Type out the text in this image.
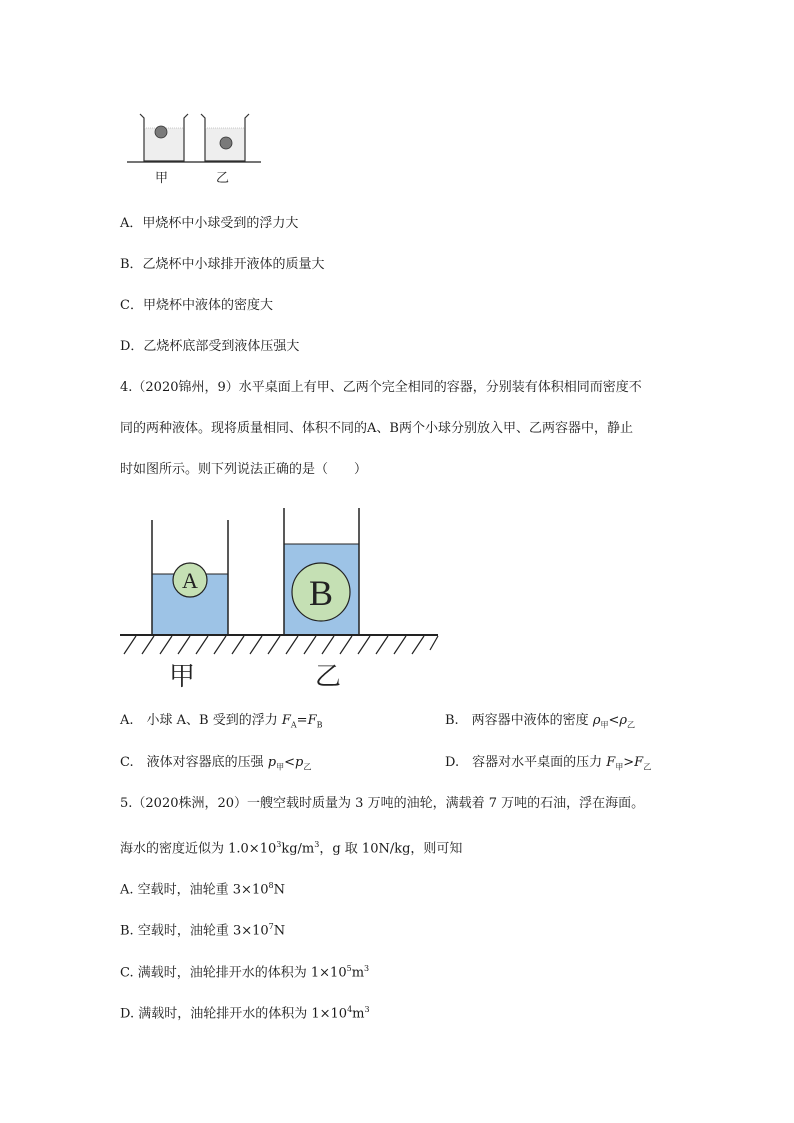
甲	乙
A．甲烧杯中小球受到的浮力大
B．乙烧杯中小球排开液体的质量大
C．甲烧杯中液体的密度大
D．乙烧杯底部受到液体压强大
4.（2020锦州，9）水平桌面上有甲、乙两个完全相同的容器，分别装有体积相同而密度不
同的两种液体。现将质量相同、体积不同的A、B两个小球分别放入甲、乙两容器中，静止
时如图所示。则下列说法正确的是（　　）
A	B
甲	乙
A.　小球 A、B 受到的浮力 $F_A=F_B$	B.　两容器中液体的密度 $\rho_甲<\rho_乙$
C.　液体对容器底的压强 $p_甲<p_乙$	D.　容器对水平桌面的压力 $F_甲>F_乙$
5.（2020株洲，20）一艘空载时质量为 3 万吨的油轮，满载着 7 万吨的石油，浮在海面。
海水的密度近似为 $1.0\times 10^3kg/m^3$，g 取 10N/kg，则可知
A. 空载时，油轮重 $3\times 10^8N$
B. 空载时，油轮重 $3\times 10^7N$
C. 满载时，油轮排开水的体积为 $1\times 10^5m^3$
D. 满载时，油轮排开水的体积为 $1\times 10^4m^3$
